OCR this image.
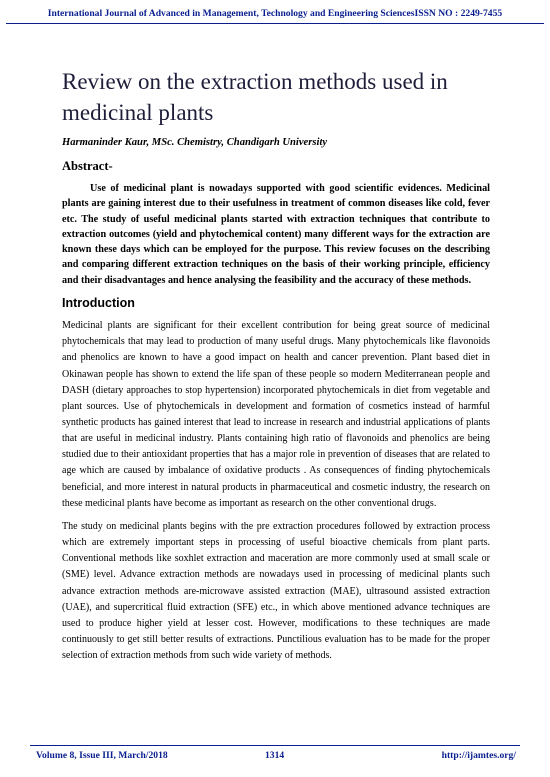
International Journal of Advanced in Management, Technology and Engineering SciencesISSN NO : 2249-7455
Review on the extraction methods used in medicinal plants
Harmaninder Kaur, MSc. Chemistry, Chandigarh University
Abstract-

Use of medicinal plant is nowadays supported with good scientific evidences. Medicinal plants are gaining interest due to their usefulness in treatment of common diseases like cold, fever etc. The study of useful medicinal plants started with extraction techniques that contribute to extraction outcomes (yield and phytochemical content) many different ways for the extraction are known these days which can be employed for the purpose. This review focuses on the describing and comparing different extraction techniques on the basis of their working principle, efficiency and their disadvantages and hence analysing the feasibility and the accuracy of these methods.

Introduction

Medicinal plants are significant for their excellent contribution for being great source of medicinal phytochemicals that may lead to production of many useful drugs. Many phytochemicals like flavonoids and phenolics are known to have a good impact on health and cancer prevention. Plant based diet in Okinawan people has shown to extend the life span of these people so modern Mediterranean people and DASH (dietary approaches to stop hypertension) incorporated phytochemicals in diet from vegetable and plant sources. Use of phytochemicals in development and formation of cosmetics instead of harmful synthetic products has gained interest that lead to increase in research and industrial applications of plants that are useful in medicinal industry. Plants containing high ratio of flavonoids and phenolics are being studied due to their antioxidant properties that has a major role in prevention of diseases that are related to age which are caused by imbalance of oxidative products . As consequences of finding phytochemicals beneficial, and more interest in natural products in pharmaceutical and cosmetic industry, the research on these medicinal plants have become as important as research on the other conventional drugs.

The study on medicinal plants begins with the pre extraction procedures followed by extraction process which are extremely important steps in processing of useful bioactive chemicals from plant parts. Conventional methods like soxhlet extraction and maceration are more commonly used at small scale or (SME) level. Advance extraction methods are nowadays used in processing of medicinal plants such advance extraction methods are-microwave assisted extraction (MAE), ultrasound assisted extraction (UAE), and supercritical fluid extraction (SFE) etc., in which above mentioned advance techniques are used to produce higher yield at lesser cost. However, modifications to these techniques are made continuously to get still better results of extractions. Punctilious evaluation has to be made for the proper selection of extraction methods from such wide variety of methods.

Volume 8, Issue III, March/2018	1314	http://ijamtes.org/
